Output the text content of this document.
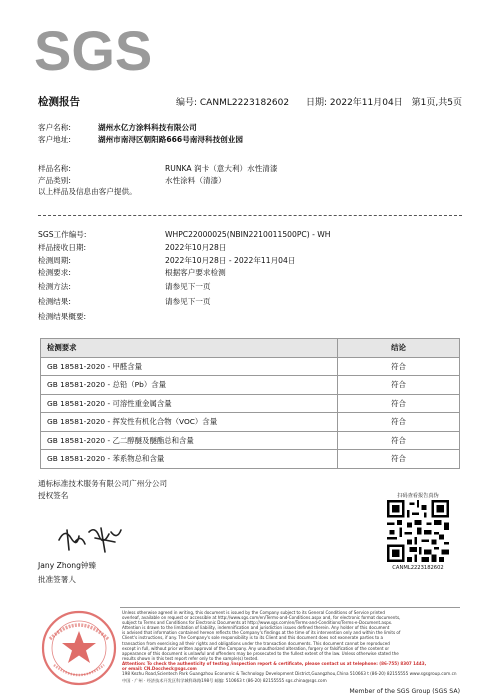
SGS
检测报告	编号: CANML2223182602 日期: 2022年11月04日 第1页,共5页
客户名称:	湖州水亿方涂料科技有限公司
客户地址:	湖州市南浔区朝阳路666号南浔科技创业园
样品名称:	RUNKA 润卡（意大利）水性清漆
产品类别:	水性涂料（清漆）
以上样品及信息由客户提供。
SGS工作编号:	WHPC22000025(NBIN2210011500PC) - WH
样品接收日期:	2022年10月28日
检测周期:	2022年10月28日 - 2022年11月04日
检测要求:	根据客户要求检测
检测方法:	请参见下一页
检测结果:	请参见下一页
检测结果概要:
检测要求	结论
GB 18581-2020 - 甲醛含量	符合
GB 18581-2020 - 总铅（Pb）含量	符合
GB 18581-2020 - 可溶性重金属含量	符合
GB 18581-2020 - 挥发性有机化合物（VOC）含量	符合
GB 18581-2020 - 乙二醇醚及醚酯总和含量	符合
GB 18581-2020 - 苯系物总和含量	符合
通标标准技术服务有限公司广州分公司
授权签名
Jany Zhong钟臻
批准签署人
扫码查看报告真伪
CANML2223182602
Unless otherwise agreed in writing, this document is issued by the Company subject to its General Conditions of Service printed
overleaf, available on request or accessible at http://www.sgs.com/en/Terms-and-Conditions.aspx and, for electronic format documents,
subject to Terms and Conditions for Electronic Documents at http://www.sgs.com/en/Terms-and-Conditions/Terms-e-Document.aspx.
Attention is drawn to the limitation of liability, indemnification and jurisdiction issues defined therein. Any holder of this document
is advised that information contained hereon reflects the Company's findings at the time of its intervention only and within the limits of
Client's instructions, if any. The Company's sole responsibility is to its Client and this document does not exonerate parties to a
transaction from exercising all their rights and obligations under the transaction documents. This document cannot be reproduced
except in full, without prior written approval of the Company. Any unauthorized alteration, forgery or falsification of the content or
appearance of this document is unlawful and offenders may be prosecuted to the fullest extent of the law. Unless otherwise stated the
results shown in this test report refer only to the sample(s) tested.
Attention: To check the authenticity of testing /inspection report & certificate, please contact us at telephone: (86-755) 8307 1443,
or email: CN.Doccheck@sgs.com
198 Kezhu Road,Scientech Park Guangzhou Economic & Technology Development District,Guangzhou,China 510663 t (86-20) 82155555 www.sgsgroup.com.cn
中国 · 广州 · 经济技术开发区科学城科珠路198号 邮编: 510663 t (86-20) 82155555 sgs.china@sgs.com
Member of the SGS Group (SGS SA)
